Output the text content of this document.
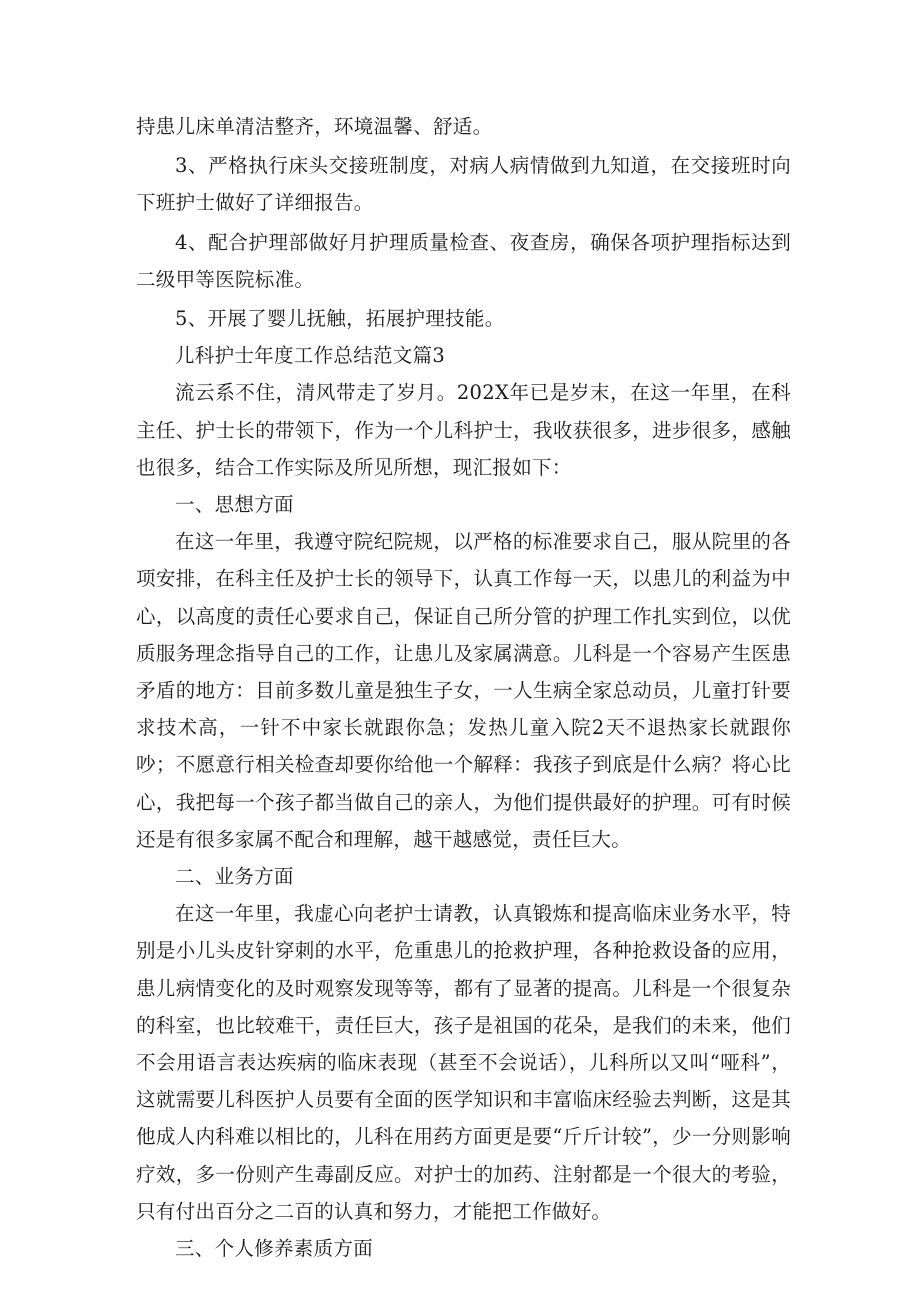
持患儿床单清洁整齐，环境温馨、舒适。

3、严格执行床头交接班制度，对病人病情做到九知道，在交接班时向下班护士做好了详细报告。

4、配合护理部做好月护理质量检查、夜查房，确保各项护理指标达到二级甲等医院标准。

5、开展了婴儿抚触，拓展护理技能。

儿科护士年度工作总结范文篇3

流云系不住，清风带走了岁月。202X年已是岁末，在这一年里，在科主任、护士长的带领下，作为一个儿科护士，我收获很多，进步很多，感触也很多，结合工作实际及所见所想，现汇报如下：

一、思想方面

在这一年里，我遵守院纪院规，以严格的标准要求自己，服从院里的各项安排，在科主任及护士长的领导下，认真工作每一天，以患儿的利益为中心，以高度的责任心要求自己，保证自己所分管的护理工作扎实到位，以优质服务理念指导自己的工作，让患儿及家属满意。儿科是一个容易产生医患矛盾的地方：目前多数儿童是独生子女，一人生病全家总动员，儿童打针要求技术高，一针不中家长就跟你急；发热儿童入院2天不退热家长就跟你吵；不愿意行相关检查却要你给他一个解释：我孩子到底是什么病？将心比心，我把每一个孩子都当做自己的亲人，为他们提供最好的护理。可有时候还是有很多家属不配合和理解，越干越感觉，责任巨大。

二、业务方面

在这一年里，我虚心向老护士请教，认真锻炼和提高临床业务水平，特别是小儿头皮针穿刺的水平，危重患儿的抢救护理，各种抢救设备的应用，患儿病情变化的及时观察发现等等，都有了显著的提高。儿科是一个很复杂的科室，也比较难干，责任巨大，孩子是祖国的花朵，是我们的未来，他们不会用语言表达疾病的临床表现（甚至不会说话），儿科所以又叫“哑科”，这就需要儿科医护人员要有全面的医学知识和丰富临床经验去判断，这是其他成人内科难以相比的，儿科在用药方面更是要“斤斤计较”，少一分则影响疗效，多一份则产生毒副反应。对护士的加药、注射都是一个很大的考验，只有付出百分之二百的认真和努力，才能把工作做好。

三、个人修养素质方面
